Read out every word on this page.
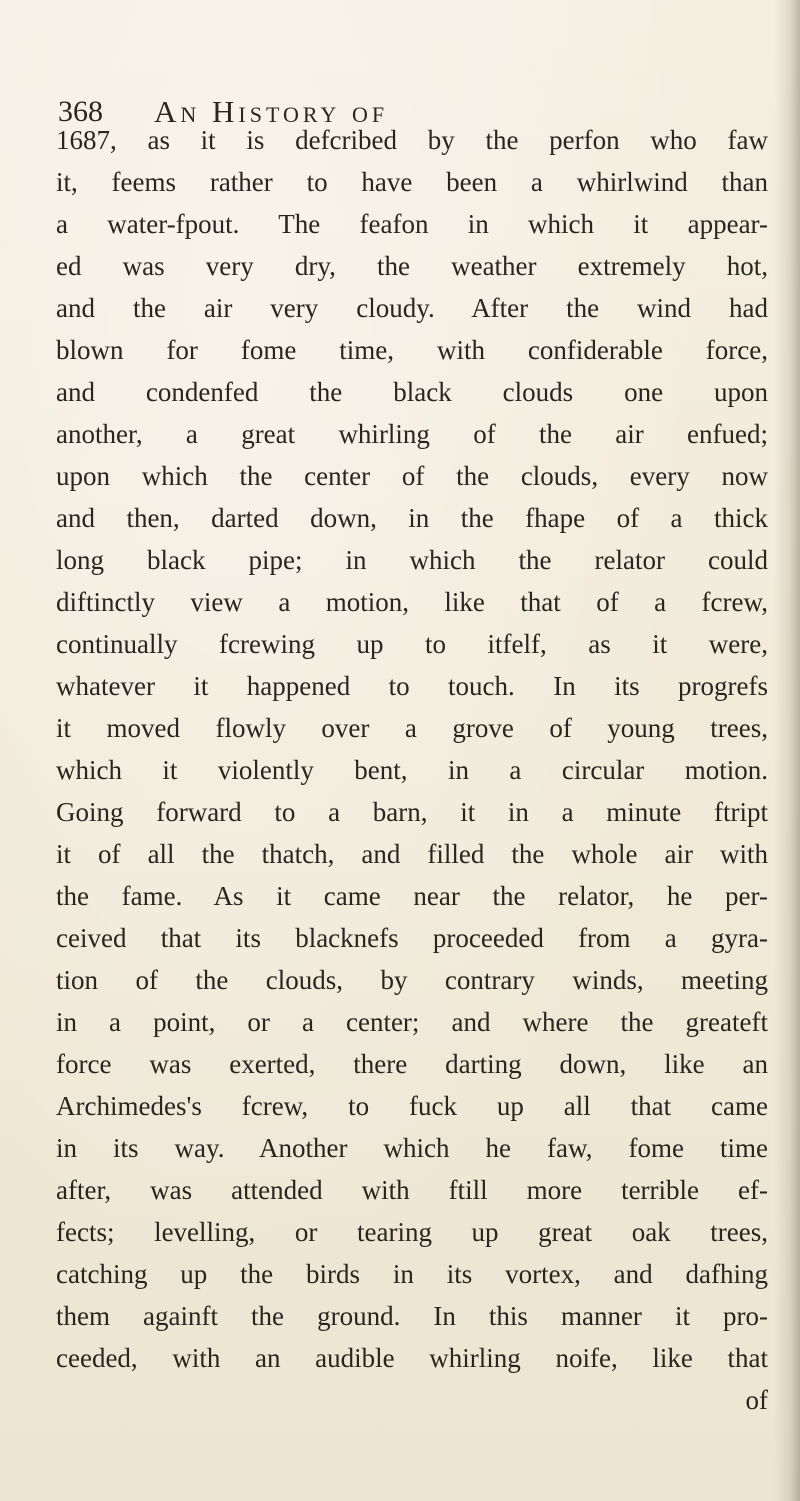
368 An History of
1687, as it is defcribed by the perfon who faw
it, feems rather to have been a whirlwind than
a water-fpout. The feafon in which it appear-
ed was very dry, the weather extremely hot,
and the air very cloudy. After the wind had
blown for fome time, with confiderable force,
and condenfed the black clouds one upon
another, a great whirling of the air enfued;
upon which the center of the clouds, every now
and then, darted down, in the fhape of a thick
long black pipe; in which the relator could
diftinctly view a motion, like that of a fcrew,
continually fcrewing up to itfelf, as it were,
whatever it happened to touch. In its progrefs
it moved flowly over a grove of young trees,
which it violently bent, in a circular motion.
Going forward to a barn, it in a minute ftript
it of all the thatch, and filled the whole air with
the fame. As it came near the relator, he per-
ceived that its blacknefs proceeded from a gyra-
tion of the clouds, by contrary winds, meeting
in a point, or a center; and where the greateft
force was exerted, there darting down, like an
Archimedes's fcrew, to fuck up all that came
in its way. Another which he faw, fome time
after, was attended with ftill more terrible ef-
fects; levelling, or tearing up great oak trees,
catching up the birds in its vortex, and dafhing
them againft the ground. In this manner it pro-
ceeded, with an audible whirling noife, like that
of
